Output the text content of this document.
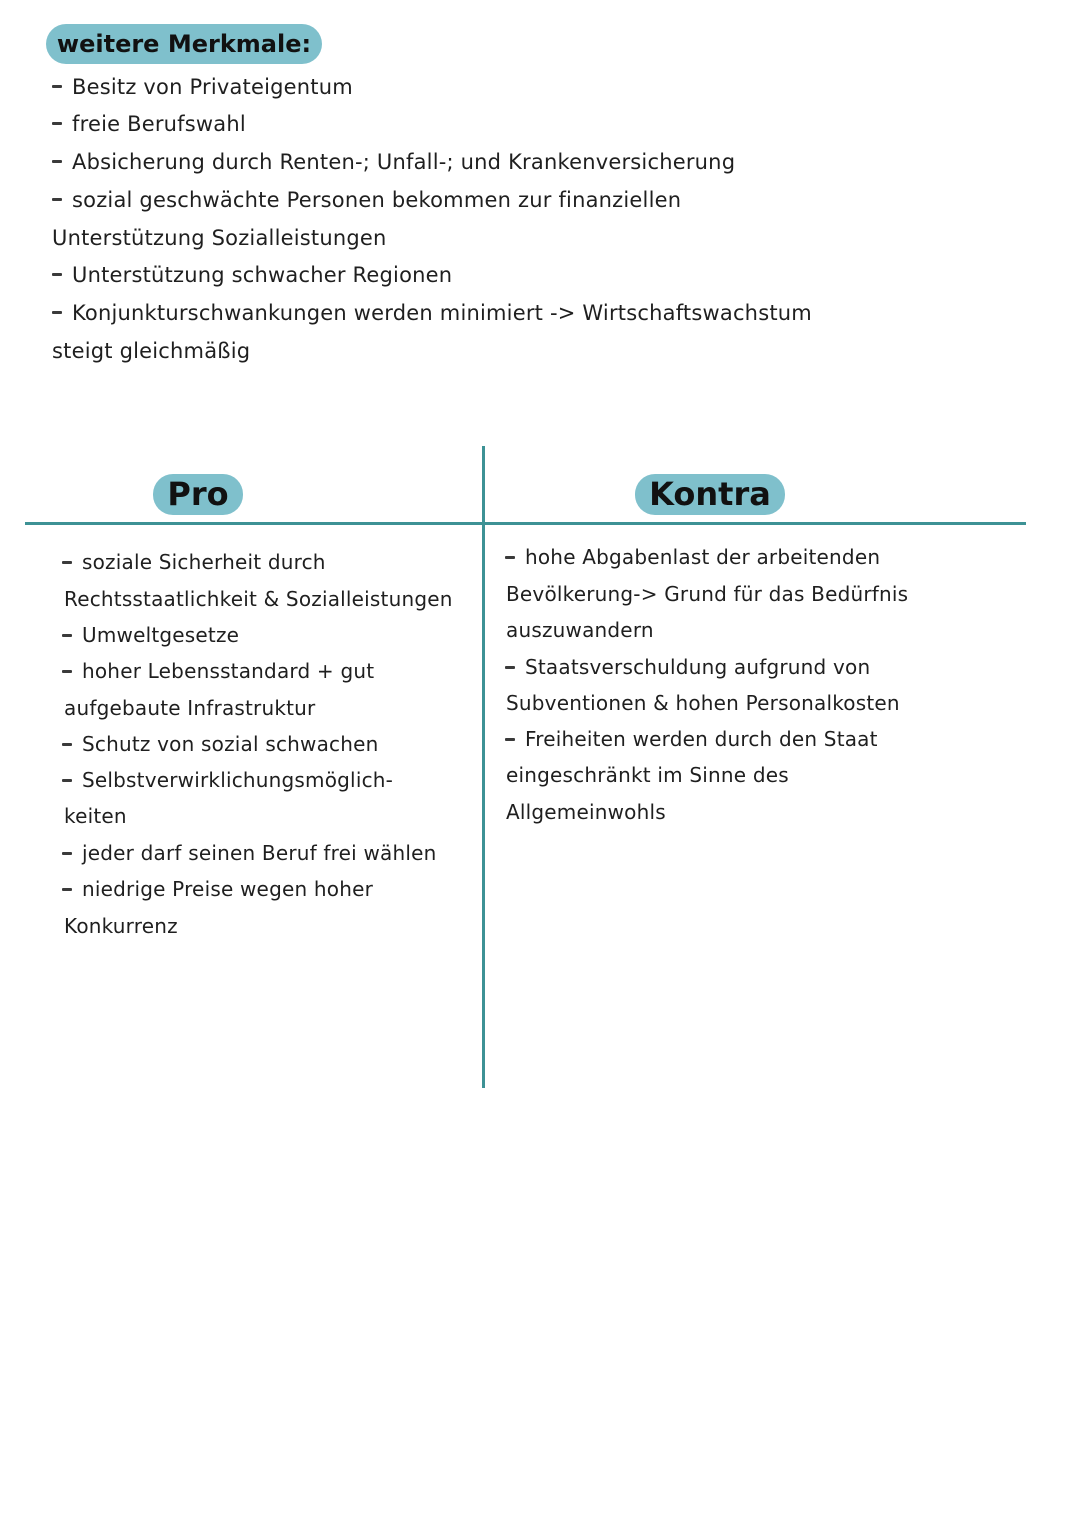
weitere Merkmale:
Besitz von Privateigentum
freie Berufswahl
Absicherung durch Renten-; Unfall-; und Krankenversicherung
sozial geschwächte Personen bekommen zur finanziellen
Unterstützung Sozialleistungen
Unterstützung schwacher Regionen
Konjunkturschwankungen werden minimiert -> Wirtschaftswachstum
steigt gleichmäßig
Pro	Kontra
soziale Sicherheit durch
Rechtsstaatlichkeit & Sozialleistungen
Umweltgesetze
hoher Lebensstandard + gut
aufgebaute Infrastruktur
Schutz von sozial schwachen
Selbstverwirklichungsmöglich-
keiten
jeder darf seinen Beruf frei wählen
niedrige Preise wegen hoher
Konkurrenz
hohe Abgabenlast der arbeitenden
Bevölkerung-> Grund für das Bedürfnis
auszuwandern
Staatsverschuldung aufgrund von
Subventionen & hohen Personalkosten
Freiheiten werden durch den Staat
eingeschränkt im Sinne des
Allgemeinwohls
